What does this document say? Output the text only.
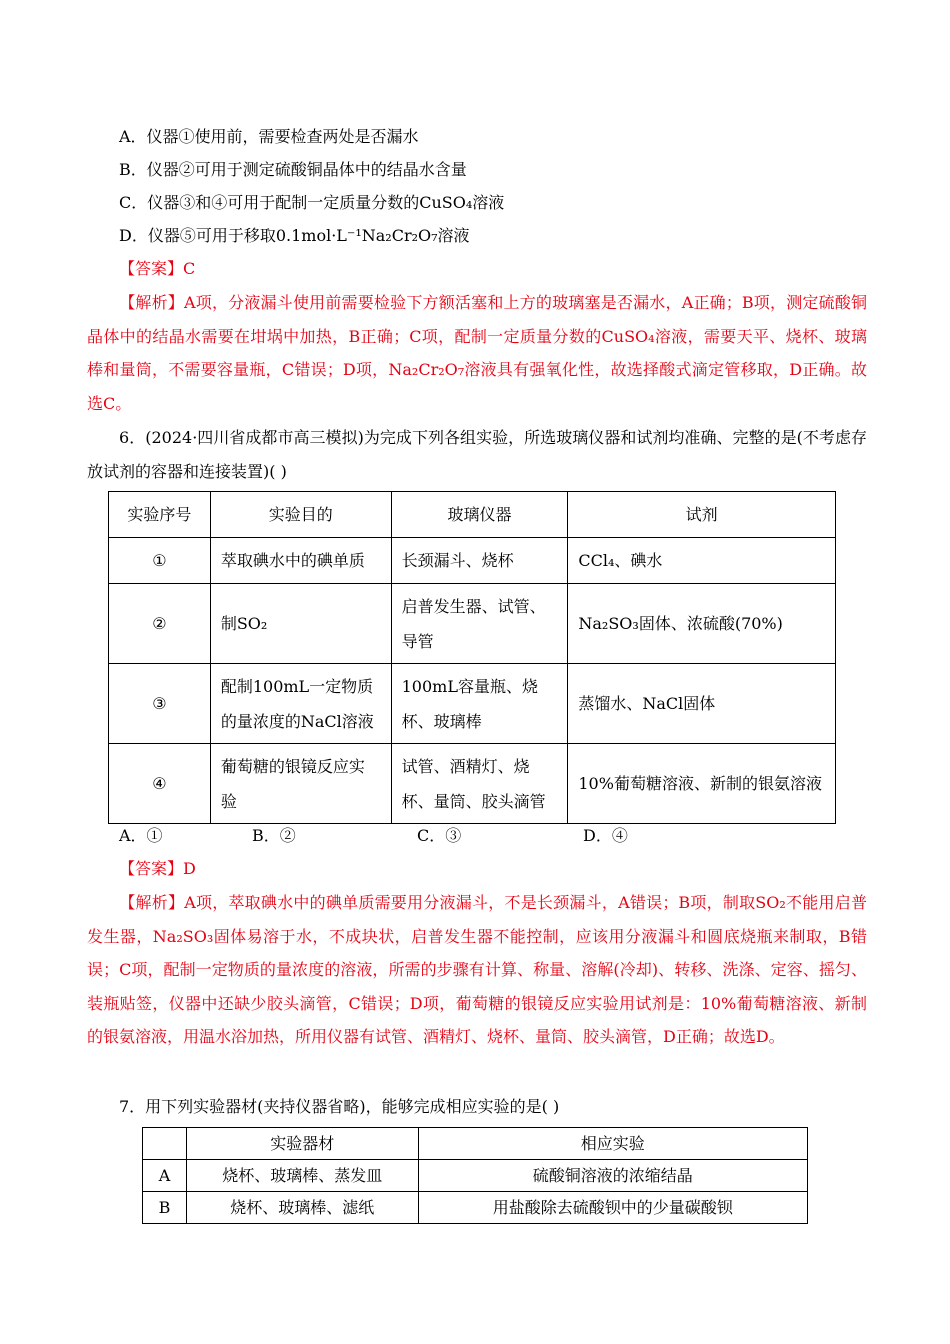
A．仪器①使用前，需要检查两处是否漏水
B．仪器②可用于测定硫酸铜晶体中的结晶水含量
C．仪器③和④可用于配制一定质量分数的CuSO₄溶液
D．仪器⑤可用于移取0.1mol·L⁻¹Na₂Cr₂O₇溶液
【答案】C
【解析】A项，分液漏斗使用前需要检验下方额活塞和上方的玻璃塞是否漏水，A正确；B项，测定硫酸铜晶体中的结晶水需要在坩埚中加热，B正确；C项，配制一定质量分数的CuSO₄溶液，需要天平、烧杯、玻璃棒和量筒，不需要容量瓶，C错误；D项，Na₂Cr₂O₇溶液具有强氧化性，故选择酸式滴定管移取，D正确。故选C。
6．(2024·四川省成都市高三模拟)为完成下列各组实验，所选玻璃仪器和试剂均准确、完整的是(不考虑存放试剂的容器和连接装置)( )
实验序号	实验目的	玻璃仪器	试剂
①	萃取碘水中的碘单质	长颈漏斗、烧杯	CCl₄、碘水
②	制SO₂	启普发生器、试管、导管	Na₂SO₃固体、浓硫酸(70%)
③	配制100mL一定物质的量浓度的NaCl溶液	100mL容量瓶、烧杯、玻璃棒	蒸馏水、NaCl固体
④	葡萄糖的银镜反应实验	试管、酒精灯、烧杯、量筒、胶头滴管	10%葡萄糖溶液、新制的银氨溶液
A．①	B．②	C．③	D．④
【答案】D
【解析】A项，萃取碘水中的碘单质需要用分液漏斗，不是长颈漏斗，A错误；B项，制取SO₂不能用启普发生器，Na₂SO₃固体易溶于水，不成块状，启普发生器不能控制，应该用分液漏斗和圆底烧瓶来制取，B错误；C项，配制一定物质的量浓度的溶液，所需的步骤有计算、称量、溶解(冷却)、转移、洗涤、定容、摇匀、装瓶贴签，仪器中还缺少胶头滴管，C错误；D项，葡萄糖的银镜反应实验用试剂是：10%葡萄糖溶液、新制的银氨溶液，用温水浴加热，所用仪器有试管、酒精灯、烧杯、量筒、胶头滴管，D正确；故选D。
7．用下列实验器材(夹持仪器省略)，能够完成相应实验的是( )
	实验器材	相应实验
A	烧杯、玻璃棒、蒸发皿	硫酸铜溶液的浓缩结晶
B	烧杯、玻璃棒、滤纸	用盐酸除去硫酸钡中的少量碳酸钡
